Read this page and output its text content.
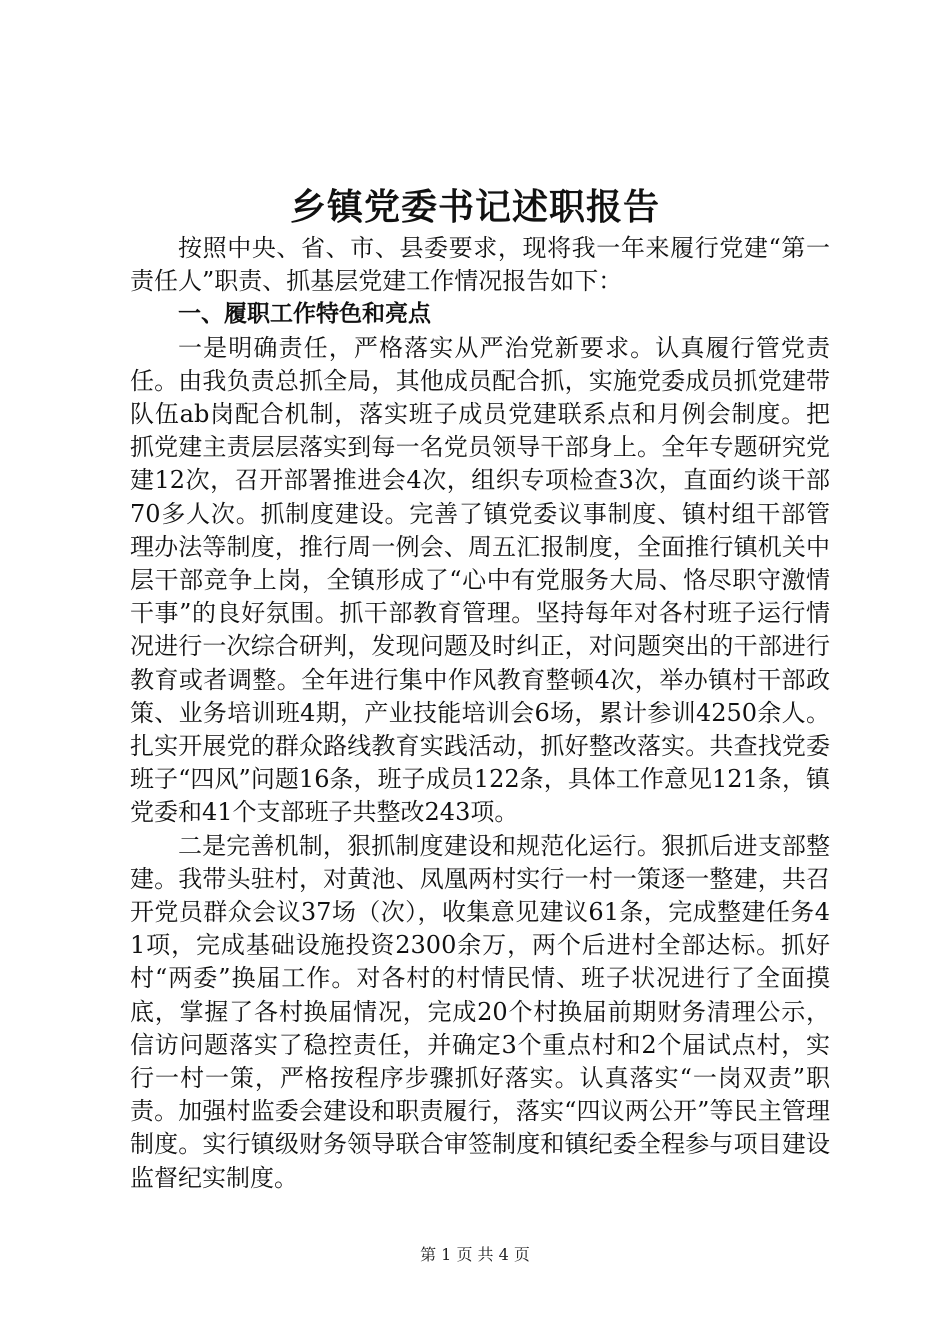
乡镇党委书记述职报告

按照中央、省、市、县委要求，现将我一年来履行党建“第一责任人”职责、抓基层党建工作情况报告如下：

一、履职工作特色和亮点

一是明确责任，严格落实从严治党新要求。认真履行管党责任。由我负责总抓全局，其他成员配合抓，实施党委成员抓党建带队伍ab岗配合机制，落实班子成员党建联系点和月例会制度。把抓党建主责层层落实到每一名党员领导干部身上。全年专题研究党建12次，召开部署推进会4次，组织专项检查3次，直面约谈干部70多人次。抓制度建设。完善了镇党委议事制度、镇村组干部管理办法等制度，推行周一例会、周五汇报制度，全面推行镇机关中层干部竞争上岗，全镇形成了“心中有党服务大局、恪尽职守激情干事”的良好氛围。抓干部教育管理。坚持每年对各村班子运行情况进行一次综合研判，发现问题及时纠正，对问题突出的干部进行教育或者调整。全年进行集中作风教育整顿4次，举办镇村干部政策、业务培训班4期，产业技能培训会6场，累计参训4250余人。扎实开展党的群众路线教育实践活动，抓好整改落实。共查找党委班子“四风”问题16条，班子成员122条，具体工作意见121条，镇党委和41个支部班子共整改243项。

二是完善机制，狠抓制度建设和规范化运行。狠抓后进支部整建。我带头驻村，对黄池、凤凰两村实行一村一策逐一整建，共召开党员群众会议37场（次），收集意见建议61条，完成整建任务41项，完成基础设施投资2300余万，两个后进村全部达标。抓好村“两委”换届工作。对各村的村情民情、班子状况进行了全面摸底，掌握了各村换届情况，完成20个村换届前期财务清理公示，信访问题落实了稳控责任，并确定3个重点村和2个届试点村，实行一村一策，严格按程序步骤抓好落实。认真落实“一岗双责”职责。加强村监委会建设和职责履行，落实“四议两公开”等民主管理制度。实行镇级财务领导联合审签制度和镇纪委全程参与项目建设监督纪实制度。

第 1 页 共 4 页
